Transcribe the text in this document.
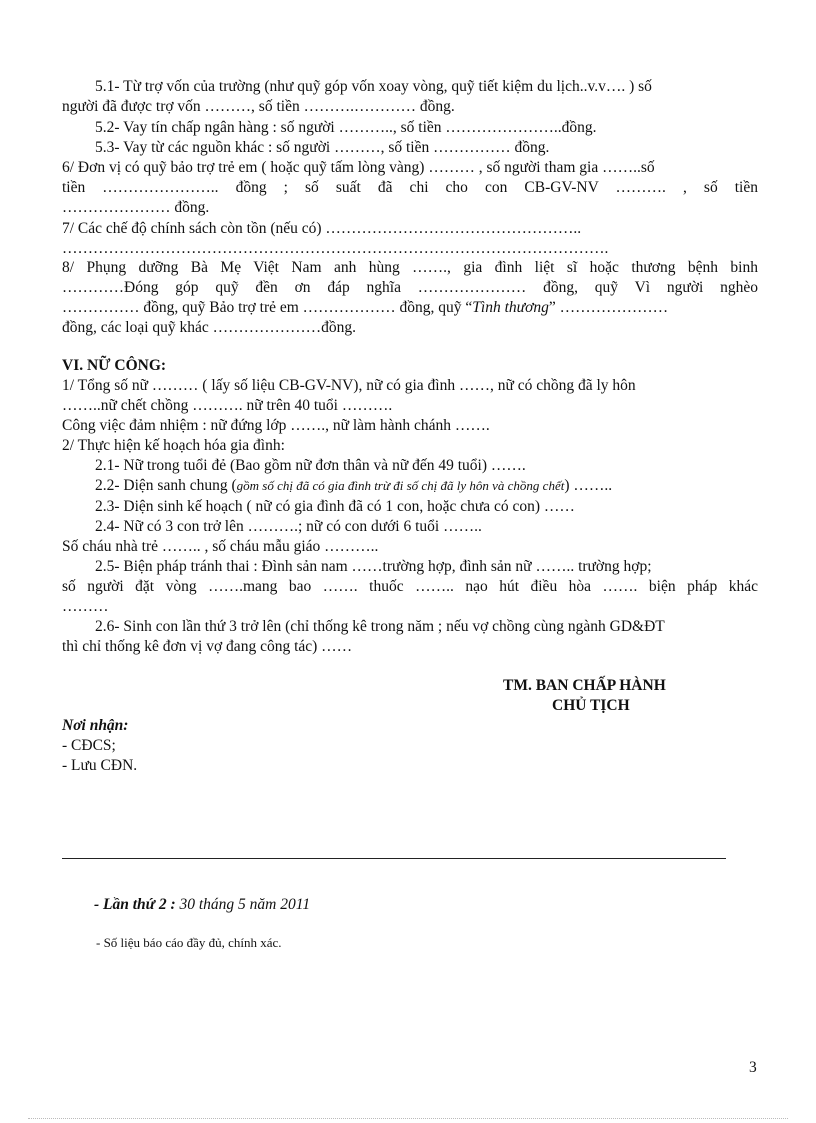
5.1- Từ trợ vốn của trường (như quỹ góp vốn xoay vòng, quỹ tiết kiệm du lịch..v.v…. ) số
người đã được trợ vốn ………, số tiền ……….………… đồng.
5.2- Vay tín chấp ngân hàng : số người ……….., số tiền …………………..đồng.
5.3- Vay từ các nguồn khác : số người ………, số tiền …………… đồng.
6/ Đơn vị có quỹ bảo trợ trẻ em ( hoặc quỹ tấm lòng vàng) ……… , số người tham gia ……..số
tiền ………………….. đồng ; số suất đã chi cho con CB-GV-NV ………. , số tiền
………………… đồng.
7/ Các chế độ chính sách còn tồn (nếu có) …………………………………………..
…………………………………………………………………………………………….
8/ Phụng dưỡng Bà Mẹ Việt Nam anh hùng ……., gia đình liệt sĩ hoặc thương bệnh binh
…………Đóng góp quỹ đền ơn đáp nghĩa ………………… đồng, quỹ Vì người nghèo
…………… đồng, quỹ Bảo trợ trẻ em ……………… đồng, quỹ “Tình thương” …………………
đồng, các loại quỹ khác …………………đồng.
VI. NỮ CÔNG:
1/ Tổng số nữ ……… ( lấy số liệu CB-GV-NV), nữ có gia đình ……, nữ có chồng đã ly hôn
……..nữ chết chồng ………. nữ trên 40 tuổi ……….
Công việc đảm nhiệm : nữ đứng lớp ……., nữ làm hành chánh …….
2/ Thực hiện kế hoạch hóa gia đình:
2.1- Nữ trong tuổi đẻ (Bao gồm nữ đơn thân và nữ đến 49 tuổi) …….
2.2- Diện sanh chung (gồm số chị đã có gia đình trừ đi số chị đã ly hôn và chồng chết) ……..
2.3- Diện sinh kế hoạch ( nữ có gia đình đã có 1 con, hoặc chưa có con) ……
2.4- Nữ có 3 con trở lên ……….; nữ có con dưới 6 tuổi ……..
Số cháu nhà trẻ …….. , số cháu mẫu giáo ………..
2.5- Biện pháp tránh thai : Đình sản nam ……trường hợp, đình sản nữ …….. trường hợp;
số người đặt vòng …….mang bao ……. thuốc …….. nạo hút điều hòa ……. biện pháp khác
………
2.6- Sinh con lần thứ 3 trở lên (chỉ thống kê trong năm ; nếu vợ chồng cùng ngành GD&ĐT
thì chỉ thống kê đơn vị vợ đang công tác) ……
TM. BAN CHẤP HÀNH
CHỦ TỊCH
Nơi nhận:
- CĐCS;
- Lưu CĐN.
- Lần thứ 2 : 30 tháng 5 năm 2011
- Số liệu báo cáo đầy đủ, chính xác.
3
